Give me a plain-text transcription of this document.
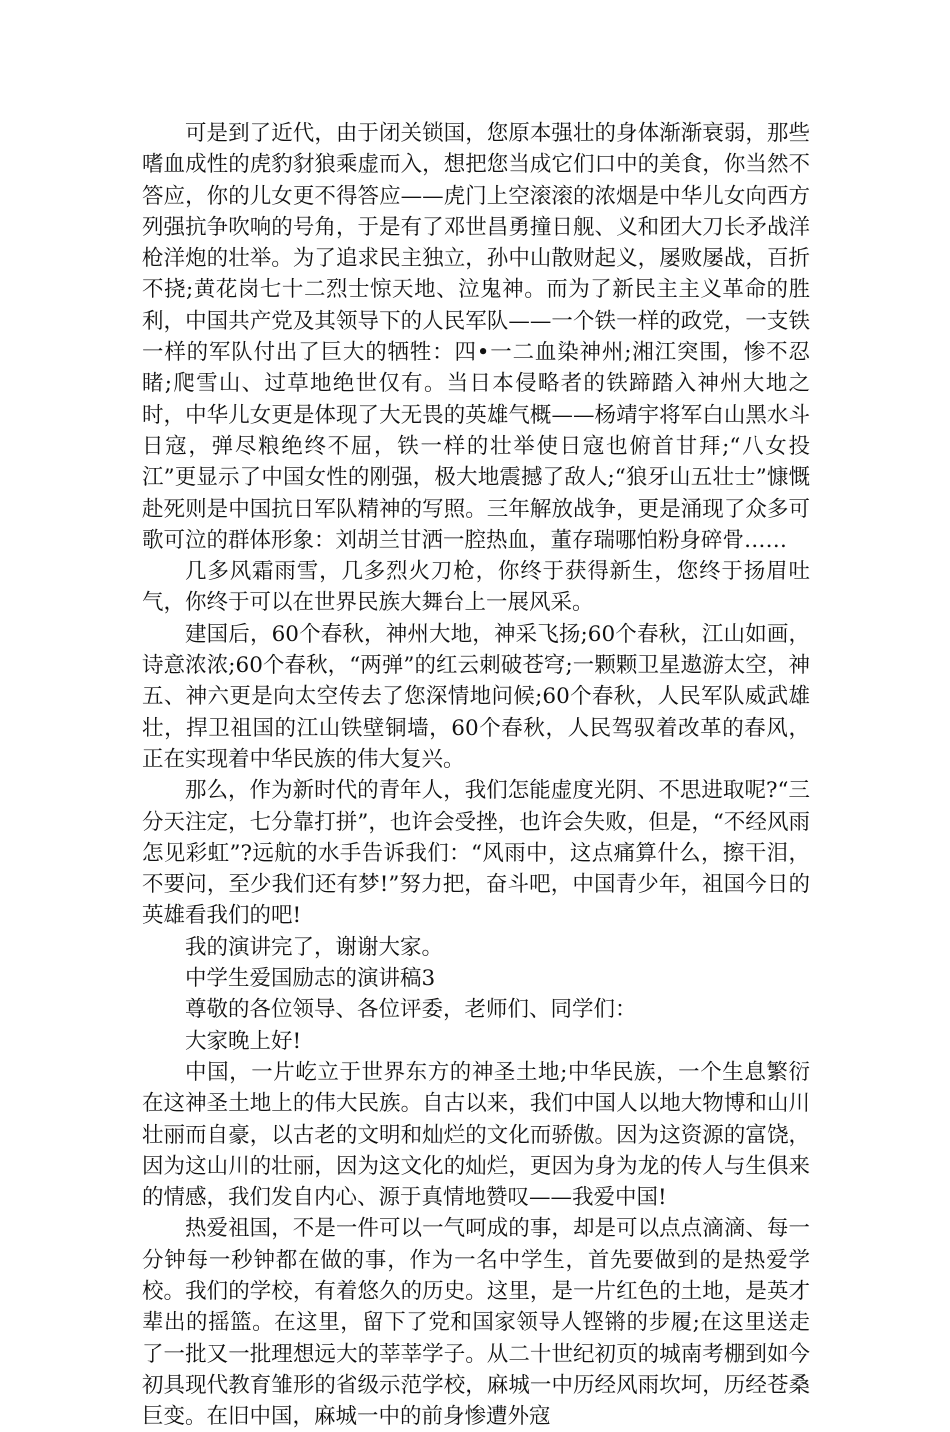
可是到了近代，由于闭关锁国，您原本强壮的身体渐渐衰弱，那些嗜血成性的虎豹豺狼乘虚而入，想把您当成它们口中的美食，你当然不答应，你的儿女更不得答应——虎门上空滚滚的浓烟是中华儿女向西方列强抗争吹响的号角，于是有了邓世昌勇撞日舰、义和团大刀长矛战洋枪洋炮的壮举。为了追求民主独立，孙中山散财起义，屡败屡战，百折不挠;黄花岗七十二烈士惊天地、泣鬼神。而为了新民主主义革命的胜利，中国共产党及其领导下的人民军队——一个铁一样的政党，一支铁一样的军队付出了巨大的牺牲：四•一二血染神州;湘江突围，惨不忍睹;爬雪山、过草地绝世仅有。当日本侵略者的铁蹄踏入神州大地之时，中华儿女更是体现了大无畏的英雄气概——杨靖宇将军白山黑水斗日寇，弹尽粮绝终不屈，铁一样的壮举使日寇也俯首甘拜;“八女投江”更显示了中国女性的刚强，极大地震撼了敌人;“狼牙山五壮士”慷慨赴死则是中国抗日军队精神的写照。三年解放战争，更是涌现了众多可歌可泣的群体形象：刘胡兰甘洒一腔热血，董存瑞哪怕粉身碎骨……

几多风霜雨雪，几多烈火刀枪，你终于获得新生，您终于扬眉吐气，你终于可以在世界民族大舞台上一展风采。

建国后，60个春秋，神州大地，神采飞扬;60个春秋，江山如画，诗意浓浓;60个春秋，“两弹”的红云刺破苍穹;一颗颗卫星遨游太空，神五、神六更是向太空传去了您深情地问候;60个春秋，人民军队威武雄壮，捍卫祖国的江山铁壁铜墙，60个春秋，人民驾驭着改革的春风，正在实现着中华民族的伟大复兴。

那么，作为新时代的青年人，我们怎能虚度光阴、不思进取呢?“三分天注定，七分靠打拼”，也许会受挫，也许会失败，但是，“不经风雨怎见彩虹”?远航的水手告诉我们：“风雨中，这点痛算什么，擦干泪，不要问，至少我们还有梦!”努力把，奋斗吧，中国青少年，祖国今日的英雄看我们的吧!

我的演讲完了，谢谢大家。

中学生爱国励志的演讲稿3

尊敬的各位领导、各位评委，老师们、同学们：

大家晚上好!

中国，一片屹立于世界东方的神圣土地;中华民族，一个生息繁衍在这神圣土地上的伟大民族。自古以来，我们中国人以地大物博和山川壮丽而自豪，以古老的文明和灿烂的文化而骄傲。因为这资源的富饶，因为这山川的壮丽，因为这文化的灿烂，更因为身为龙的传人与生俱来的情感，我们发自内心、源于真情地赞叹——我爱中国!

热爱祖国，不是一件可以一气呵成的事，却是可以点点滴滴、每一分钟每一秒钟都在做的事，作为一名中学生，首先要做到的是热爱学校。我们的学校，有着悠久的历史。这里，是一片红色的土地，是英才辈出的摇篮。在这里，留下了党和国家领导人铿锵的步履;在这里送走了一批又一批理想远大的莘莘学子。从二十世纪初页的城南考棚到如今初具现代教育雏形的省级示范学校，麻城一中历经风雨坎坷，历经苍桑巨变。在旧中国，麻城一中的前身惨遭外寇
